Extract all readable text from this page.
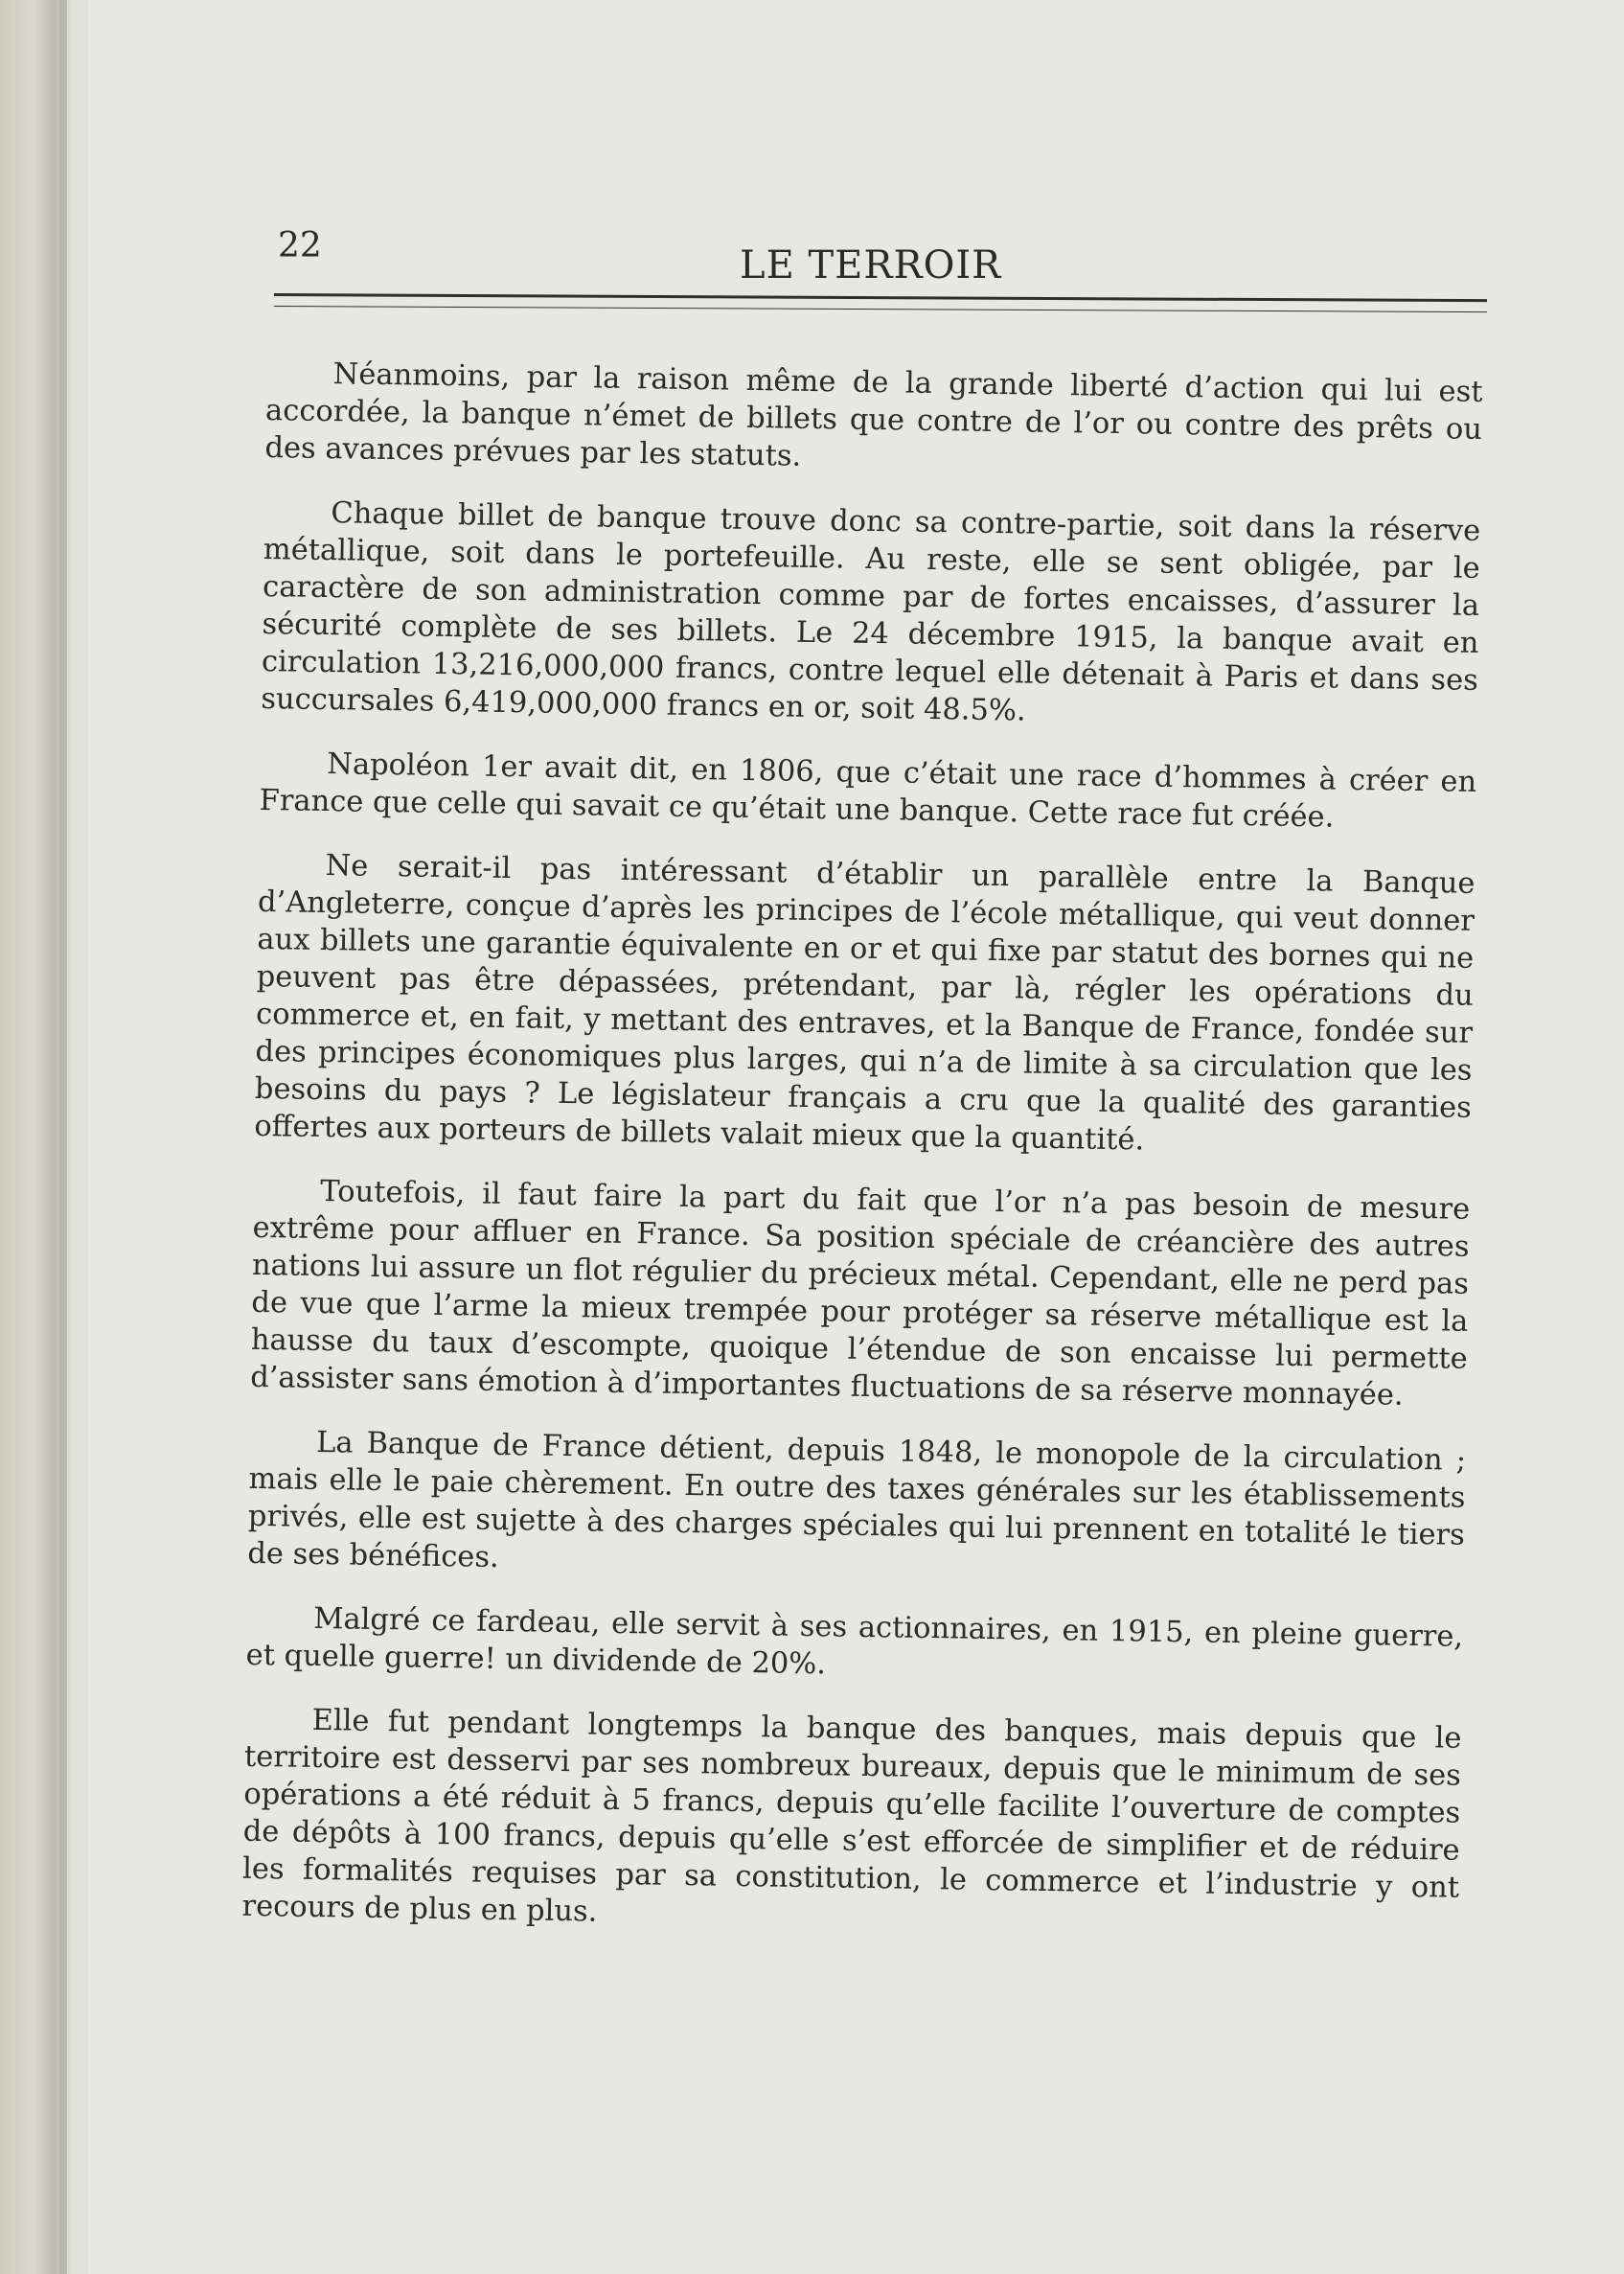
22	LE TERROIR

Néanmoins, par la raison même de la grande liberté d’action qui lui est accordée, la banque n’émet de billets que contre de l’or ou contre des prêts ou des avances prévues par les statuts.

Chaque billet de banque trouve donc sa contre-partie, soit dans la réserve métallique, soit dans le portefeuille. Au reste, elle se sent obligée, par le caractère de son administration comme par de fortes encaisses, d’assurer la sécurité complète de ses billets. Le 24 décembre 1915, la banque avait en circulation 13,216,000,000 francs, contre lequel elle détenait à Paris et dans ses succursales 6,419,000,000 francs en or, soit 48.5%.

Napoléon 1er avait dit, en 1806, que c’était une race d’hommes à créer en France que celle qui savait ce qu’était une banque. Cette race fut créée.

Ne serait-il pas intéressant d’établir un parallèle entre la Banque d’Angleterre, conçue d’après les principes de l’école métallique, qui veut donner aux billets une garantie équivalente en or et qui fixe par statut des bornes qui ne peuvent pas être dépassées, prétendant, par là, régler les opérations du commerce et, en fait, y mettant des entraves, et la Banque de France, fondée sur des principes économiques plus larges, qui n’a de limite à sa circulation que les besoins du pays ? Le législateur français a cru que la qualité des garanties offertes aux porteurs de billets valait mieux que la quantité.

Toutefois, il faut faire la part du fait que l’or n’a pas besoin de mesure extrême pour affluer en France. Sa position spéciale de créancière des autres nations lui assure un flot régulier du précieux métal. Cependant, elle ne perd pas de vue que l’arme la mieux trempée pour protéger sa réserve métallique est la hausse du taux d’escompte, quoique l’étendue de son encaisse lui permette d’assister sans émotion à d’importantes fluctuations de sa réserve monnayée.

La Banque de France détient, depuis 1848, le monopole de la circulation ; mais elle le paie chèrement. En outre des taxes générales sur les établissements privés, elle est sujette à des charges spéciales qui lui prennent en totalité le tiers de ses bénéfices.

Malgré ce fardeau, elle servit à ses actionnaires, en 1915, en pleine guerre, et quelle guerre! un dividende de 20%.

Elle fut pendant longtemps la banque des banques, mais depuis que le territoire est desservi par ses nombreux bureaux, depuis que le minimum de ses opérations a été réduit à 5 francs, depuis qu’elle facilite l’ouverture de comptes de dépôts à 100 francs, depuis qu’elle s’est efforcée de simplifier et de réduire les formalités requises par sa constitution, le commerce et l’industrie y ont recours de plus en plus.
